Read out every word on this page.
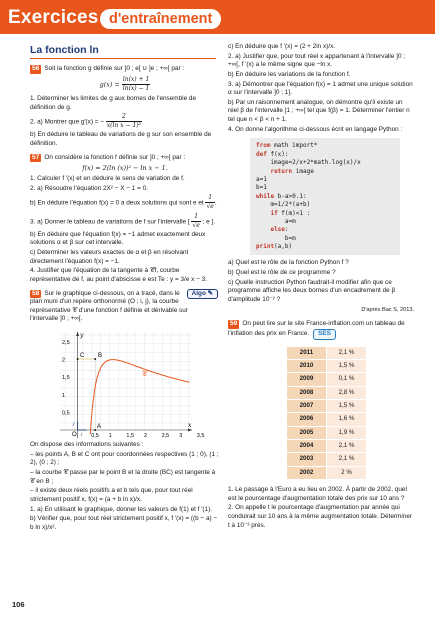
Exercices d'entraînement
La fonction ln

56 Soit la fonction g définie sur ]0 ; e[ ∪ ]e ; +∞[ par :

$g(x) = \frac{\ln(x) + 1}{\ln(x) - 1}$

1. Déterminer les limites de g aux bornes de l'ensemble de définition de g.

2. a) Montrer que g′(x) = − $\frac{2}{\text{x(ln x − 1)²}}$

b) En déduire le tableau de variations de g sur son ensemble de définition.

57 On considère la fonction f définie sur ]0 ; +∞[ par :

f(x) = 2(ln (x))² − ln x − 1.

1. Calculer f ′(x) et en déduire le sens de variation de f.

2. a) Résoudre l'équation 2X² − X − 1 = 0.

b) En déduire l'équation f(x) = 0 a deux solutions qui sont e et $\frac{1}{√e}$ .

3. a) Donner le tableau de variations de f sur l'intervalle [ $\frac{1}{√e}$ ; e ].

b) En déduire que l'équation f(x) = −1 admet exactement deux solutions α et β sur cet intervalle.

c) Déterminer les valeurs exactes de α et β en résolvant directement l'équation f(x) = −1.

4. Justifier que l'équation de la tangente à 𝒞f, courbe représentative de f, au point d'abscisse e est Te : y = 3/e x − 3.

Algo ✎

58 Sur le graphique ci-dessous, on a tracé, dans le plan muni d'un repère orthonormé (O ; i, j), la courbe représentative 𝒞 d'une fonction f définie et dérivable sur l'intervalle ]0 ; +∞[.

B
C
A
O
x
y
𝒞
i
j
2,5
2
1,5
1
0,5
0,5 1	1,5 2	2,5 3	3,5

On dispose des informations suivantes :

– les points A, B et C ont pour coordonnées respectives (1 ; 0), (1 ; 2), (0 ; 2) ;

– la courbe 𝒞 passe par le point B et la droite (BC) est tangente à 𝒞 en B ;

– il existe deux réels positifs a et b tels que, pour tout réel strictement positif x, f(x) = (a + b ln x)/x.

1. a) En utilisant le graphique, donner les valeurs de f(1) et f ′(1).

b) Vérifier que, pour tout réel strictement positif x, f ′(x) = ((b − a) − b ln x)/x².

c) En déduire que f ′(x) = (2 + 2ln x)/x.

2. a) Justifier que, pour tout réel x appartenant à l'intervalle ]0 ; +∞[, f ′(x) a le même signe que −ln x.

b) En déduire les variations de la fonction f.

3. a) Démontrer que l'équation f(x) = 1 admet une unique solution α sur l'intervalle ]0 ; 1].

b) Par un raisonnement analogue, on démontre qu'il existe un réel β de l'intervalle ]1 ; +∞[ tel que f(β) = 1. Déterminer l'entier n tel que n < β < n + 1.

4. On donne l'algorithme ci-dessous écrit en langage Python :

from math import*
def f(x):
image=2/x+2*math.log(x)/x
return image
a=1
b=1
while b-a>0.1:
m=1/2*(a+b)
if f(m)<1 :
a=m
else:
b=m
print(a,b)

a) Quel est le rôle de la fonction Python f ?

b) Quel est le rôle de ce programme ?

c) Quelle instruction Python faudrait-il modifier afin que ce programme affiche les deux bornes d'un encadrement de β d'amplitude 10⁻² ?

D'après Bac S, 2013.

59 On peut lire sur le site France-inflation.com un tableau de l'inflation des prix en France. SES

2011	2,1 %
2010	1,5 %
2009	0,1 %
2008	2,8 %
2007	1,5 %
2006	1,6 %
2005	1,9 %
2004	2,1 %
2003	2,1 %
2002	2 %

1. Le passage à l'Euro a eu lieu en 2002. À partir de 2002, quel est le pourcentage d'augmentation totale des prix sur 10 ans ?

2. On appelle t le pourcentage d'augmentation par année qui conduirait sur 10 ans à la même augmentation totale. Déterminer t à 10⁻³ près.

106
